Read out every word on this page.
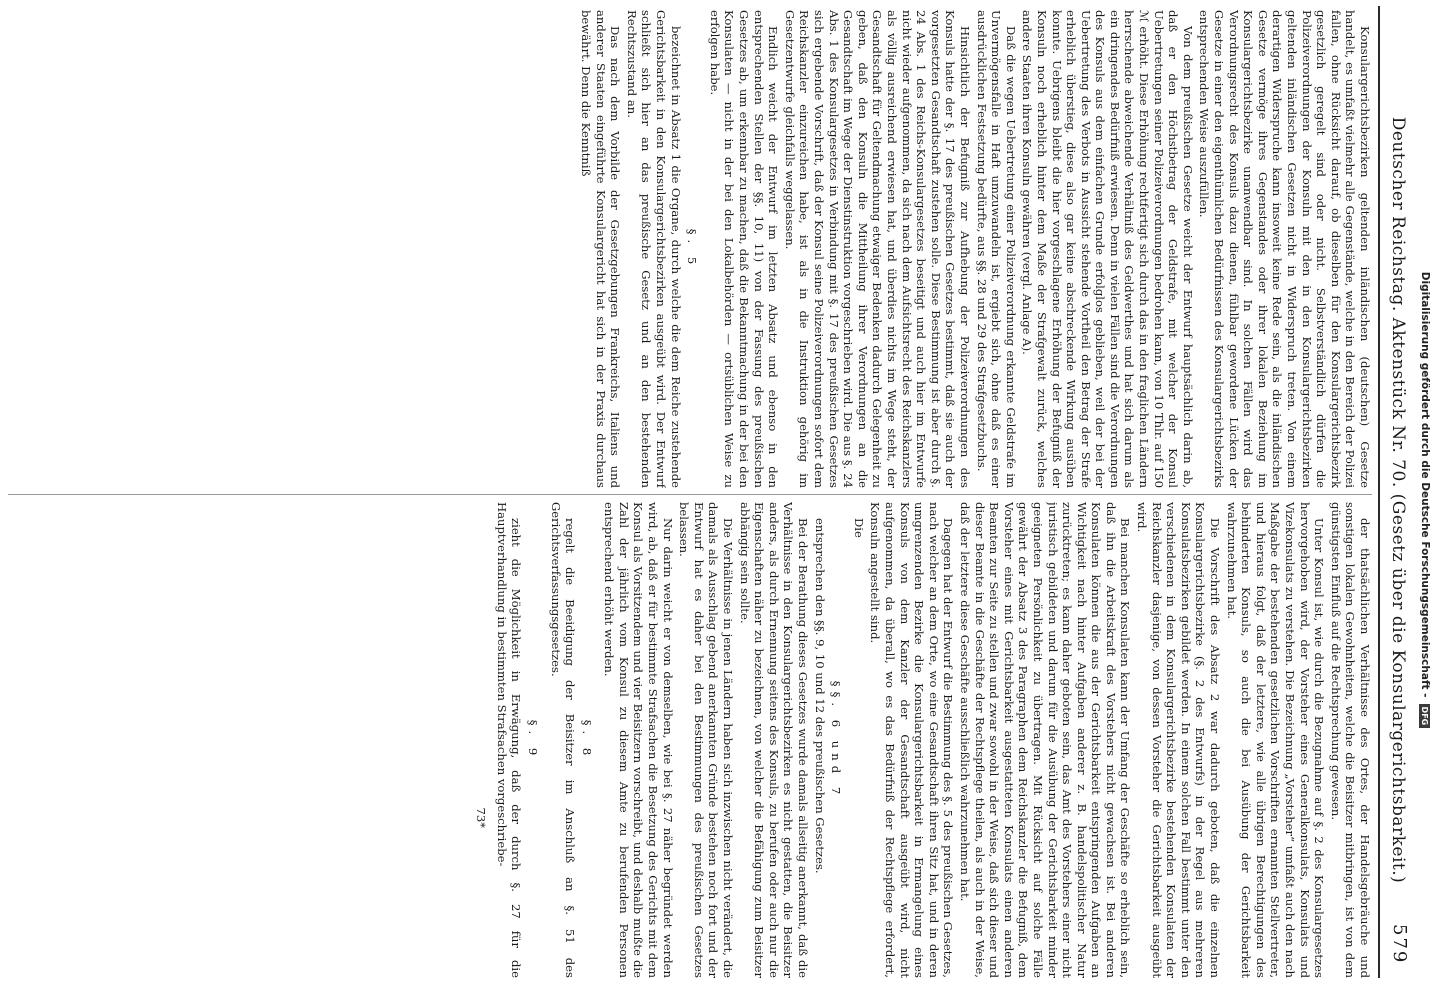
Deutscher Reichstag. Aktenstück Nr. 70. (Gesetz über die Konsulargerichtsbarkeit.)
579

Konsulargerichtsbezirken geltenden inländischen (deutschen) Gesetze handelt, es umfaßt vielmehr alle Gegenstände, welche in den Bereich der Polizei fallen, ohne Rücksicht darauf, ob dieselben für den Konsulargerichtsbezirk gesetzlich geregelt sind oder nicht. Selbstverständlich dürfen die Polizeiverordnungen der Konsuln mit den in den Konsulargerichtsbezirken geltenden inländischen Gesetzen nicht in Widerspruch treten. Von einem derartigen Widerspruche kann insoweit keine Rede sein, als die inländischen Gesetze vermöge ihres Gegenstandes oder ihrer lokalen Beziehung im Konsulargerichtsbezirke unanwendbar sind. In solchen Fällen wird das Verordnungsrecht des Konsuls dazu dienen, fühlbar gewordene Lücken der Gesetze in einer den eigenthümlichen Bedürfnissen des Konsulargerichtsbezirks entsprechenden Weise auszufüllen.

Von dem preußischen Gesetze weicht der Entwurf hauptsächlich darin ab, daß er den Höchstbetrag der Geldstrafe, mit welcher der Konsul Uebertretungen seiner Polizeiverordnungen bedrohen kann, von 10 Thlr. auf 150 ℳ erhöht. Diese Erhöhung rechtfertigt sich durch das in den fraglichen Ländern herrschende abweichende Verhältniß des Geldwerthes und hat sich darum als ein dringendes Bedürfniß erwiesen. Denn in vielen Fällen sind die Verordnungen des Konsuls aus dem einfachen Grunde erfolglos geblieben, weil der bei der Uebertretung des Verbots in Aussicht stehende Vortheil den Betrag der Strafe erheblich überstieg, diese also gar keine abschreckende Wirkung ausüben konnte. Uebrigens bleibt die hier vorgeschlagene Erhöhung der Befugniß der Konsuln noch erheblich hinter dem Maße der Strafgewalt zurück, welches andere Staaten ihren Konsuln gewähren (vergl. Anlage A).

Daß die wegen Uebertretung einer Polizeiverordnung erkannte Geldstrafe im Unvermögensfalle in Haft umzuwandeln ist, ergiebt sich, ohne daß es einer ausdrücklichen Festsetzung bedürfte, aus §§. 28 und 29 des Strafgesetzbuchs.

Hinsichtlich der Befugniß zur Aufhebung der Polizeiverordnungen des Konsuls hatte der §. 17 des preußischen Gesetzes bestimmt, daß sie auch der vorgesetzten Gesandtschaft zustehen solle. Diese Bestimmung ist aber durch §. 24 Abs. 1 des Reichs-Konsulargesetzes beseitigt und auch hier im Entwurfe nicht wieder aufgenommen, da sich nach dem Aufsichtsrecht des Reichskanzlers als völlig ausreichend erwiesen hat, und überdies nichts im Wege steht, der Gesandtschaft für Geltendmachung etwaiger Bedenken dadurch Gelegenheit zu geben, daß den Konsuln die Mittheilung ihrer Verordnungen an die Gesandtschaft im Wege der Dienstinstruktion vorgeschrieben wird. Die aus §. 24 Abs. 1 des Konsulargesetzes in Verbindung mit §. 17 des preußischen Gesetzes sich ergebende Vorschrift, daß der Konsul seine Polizeiverordnungen sofort dem Reichskanzler einzureichen habe, ist als in die Instruktion gehörig im Gesetzentwurfe gleichfalls weggelassen.

Endlich weicht der Entwurf im letzten Absatz und ebenso in den entsprechenden Stellen der §§. 10, 11) von der Fassung des preußischen Gesetzes ab, um erkennbar zu machen, daß die Bekanntmachung in der bei den Konsulaten — nicht in der bei den Lokalbehörden — ortsüblichen Weise zu erfolgen habe.

§. 5

bezeichnet in Absatz 1 die Organe, durch welche die dem Reiche zustehende Gerichtsbarkeit in den Konsulargerichtsbezirken ausgeübt wird. Der Entwurf schließt sich hier an das preußische Gesetz und an den bestehenden Rechtszustand an.

Das nach dem Vorbilde der Gesetzgebungen Frankreichs, Italiens und anderer Staaten eingeführte Konsulargericht hat sich in der Praxis durchaus bewährt. Denn die Kenntniß

der thatsächlichen Verhältnisse des Ortes, der Handelsgebräuche und sonstigen lokalen Gewohnheiten, welche die Beisitzer mitbringen, ist von dem günstigsten Einfluß auf die Rechtsprechung gewesen.

Unter Konsul ist, wie durch die Bezugnahme auf §. 2 des Konsulargesetzes hervorgehoben wird, der Vorsteher eines Generalkonsulats, Konsulats und Vizekonsulats zu verstehen. Die Bezeichnung „Vorsteher“ umfaßt auch den nach Maßgabe der bestehenden gesetzlichen Vorschriften ernannten Stellvertreter, und hieraus folgt, daß der letztere, wie alle übrigen Berechtigungen des behinderten Konsuls, so auch die bei Ausübung der Gerichtsbarkeit wahrzunehmen hat.

Die Vorschrift des Absatz 2 war dadurch geboten, daß die einzelnen Konsulargerichtsbezirke (§. 2 des Entwurfs) in der Regel aus mehreren Konsulatsbezirken gebildet werden. In einem solchen Fall bestimmt unter den verschiedenen in dem Konsulargerichtsbezirke bestehenden Konsulaten der Reichskanzler dasjenige, von dessen Vorsteher die Gerichtsbarkeit ausgeübt wird.

Bei manchen Konsulaten kann der Umfang der Geschäfte so erheblich sein, daß ihn die Arbeitskraft des Vorstehers nicht gewachsen ist. Bei anderen Konsulaten können die aus der Gerichtsbarkeit entspringenden Aufgaben an Wichtigkeit nach hinter Aufgaben anderer z. B. handelspolitischer Natur zurücktreten; es kann daher geboten sein, das Amt des Vorstehers einer nicht juristisch gebildeten und darum für die Ausübung der Gerichtsbarkeit minder geeigneten Persönlichkeit zu übertragen. Mit Rücksicht auf solche Fälle gewährt der Absatz 3 des Paragraphen dem Reichskanzler die Befugniß, dem Vorsteher eines mit Gerichtsbarkeit ausgestatteten Konsulats einen anderen Beamten zur Seite zu stellen und zwar sowohl in der Weise, daß sich dieser und dieser Beamte in die Geschäfte der Rechtspflege theilen, als auch in der Weise, daß der letztere diese Geschäfte ausschließlich wahrzunehmen hat.

Dagegen hat der Entwurf die Bestimmung des §. 5 des preußischen Gesetzes, nach welcher an dem Orte, wo eine Gesandtschaft ihren Sitz hat, und in deren umgrenzenden Bezirke die Konsulargerichtsbarkeit in Ermangelung eines Konsuls von dem Kanzler der Gesandtschaft ausgeübt wird, nicht aufgenommen, da überall, wo es das Bedürfniß der Rechtspflege erfordert, Konsuln angestellt sind.

Die

§§. 6 und 7

entsprechen den §§. 9, 10 und 12 des preußischen Gesetzes.

Bei der Berathung dieses Gesetzes wurde damals allseitig anerkannt, daß die Verhältnisse in den Konsulargerichtsbezirken es nicht gestatten, die Beisitzer anders, als durch Ernennung seitens des Konsuls, zu berufen oder auch nur die Eigenschaften näher zu bezeichnen, von welcher die Befähigung zum Beisitzer abhängig sein sollte.

Die Verhältnisse in jenen Ländern haben sich inzwischen nicht verändert, die damals als Ausschlag gebend anerkannten Gründe bestehen noch fort und der Entwurf hat es daher bei den Bestimmungen des preußischen Gesetzes belassen.

Nur darin weicht er von demselben, wie bei §. 27 näher begründet werden wird, ab, daß er für bestimmte Strafsachen die Besetzung des Gerichts mit dem Konsul als Vorsitzendem und vier Beisitzern vorschreibt, und deshalb mußte die Zahl der jährlich vom Konsul zu diesem Amte zu berufenden Personen entsprechend erhöht werden.

§. 8

regelt die Beeidigung der Beisitzer im Anschluß an §. 51 des Gerichtsverfassungsgesetzes.

§. 9

zieht die Möglichkeit in Erwägung, daß der durch §. 27 für die Hauptverhandlung in bestimmten Strafsachen vorgeschriebe-

73*

Digitalisierung gefördert durch die Deutsche Forschungsgemeinschaft -DFG
